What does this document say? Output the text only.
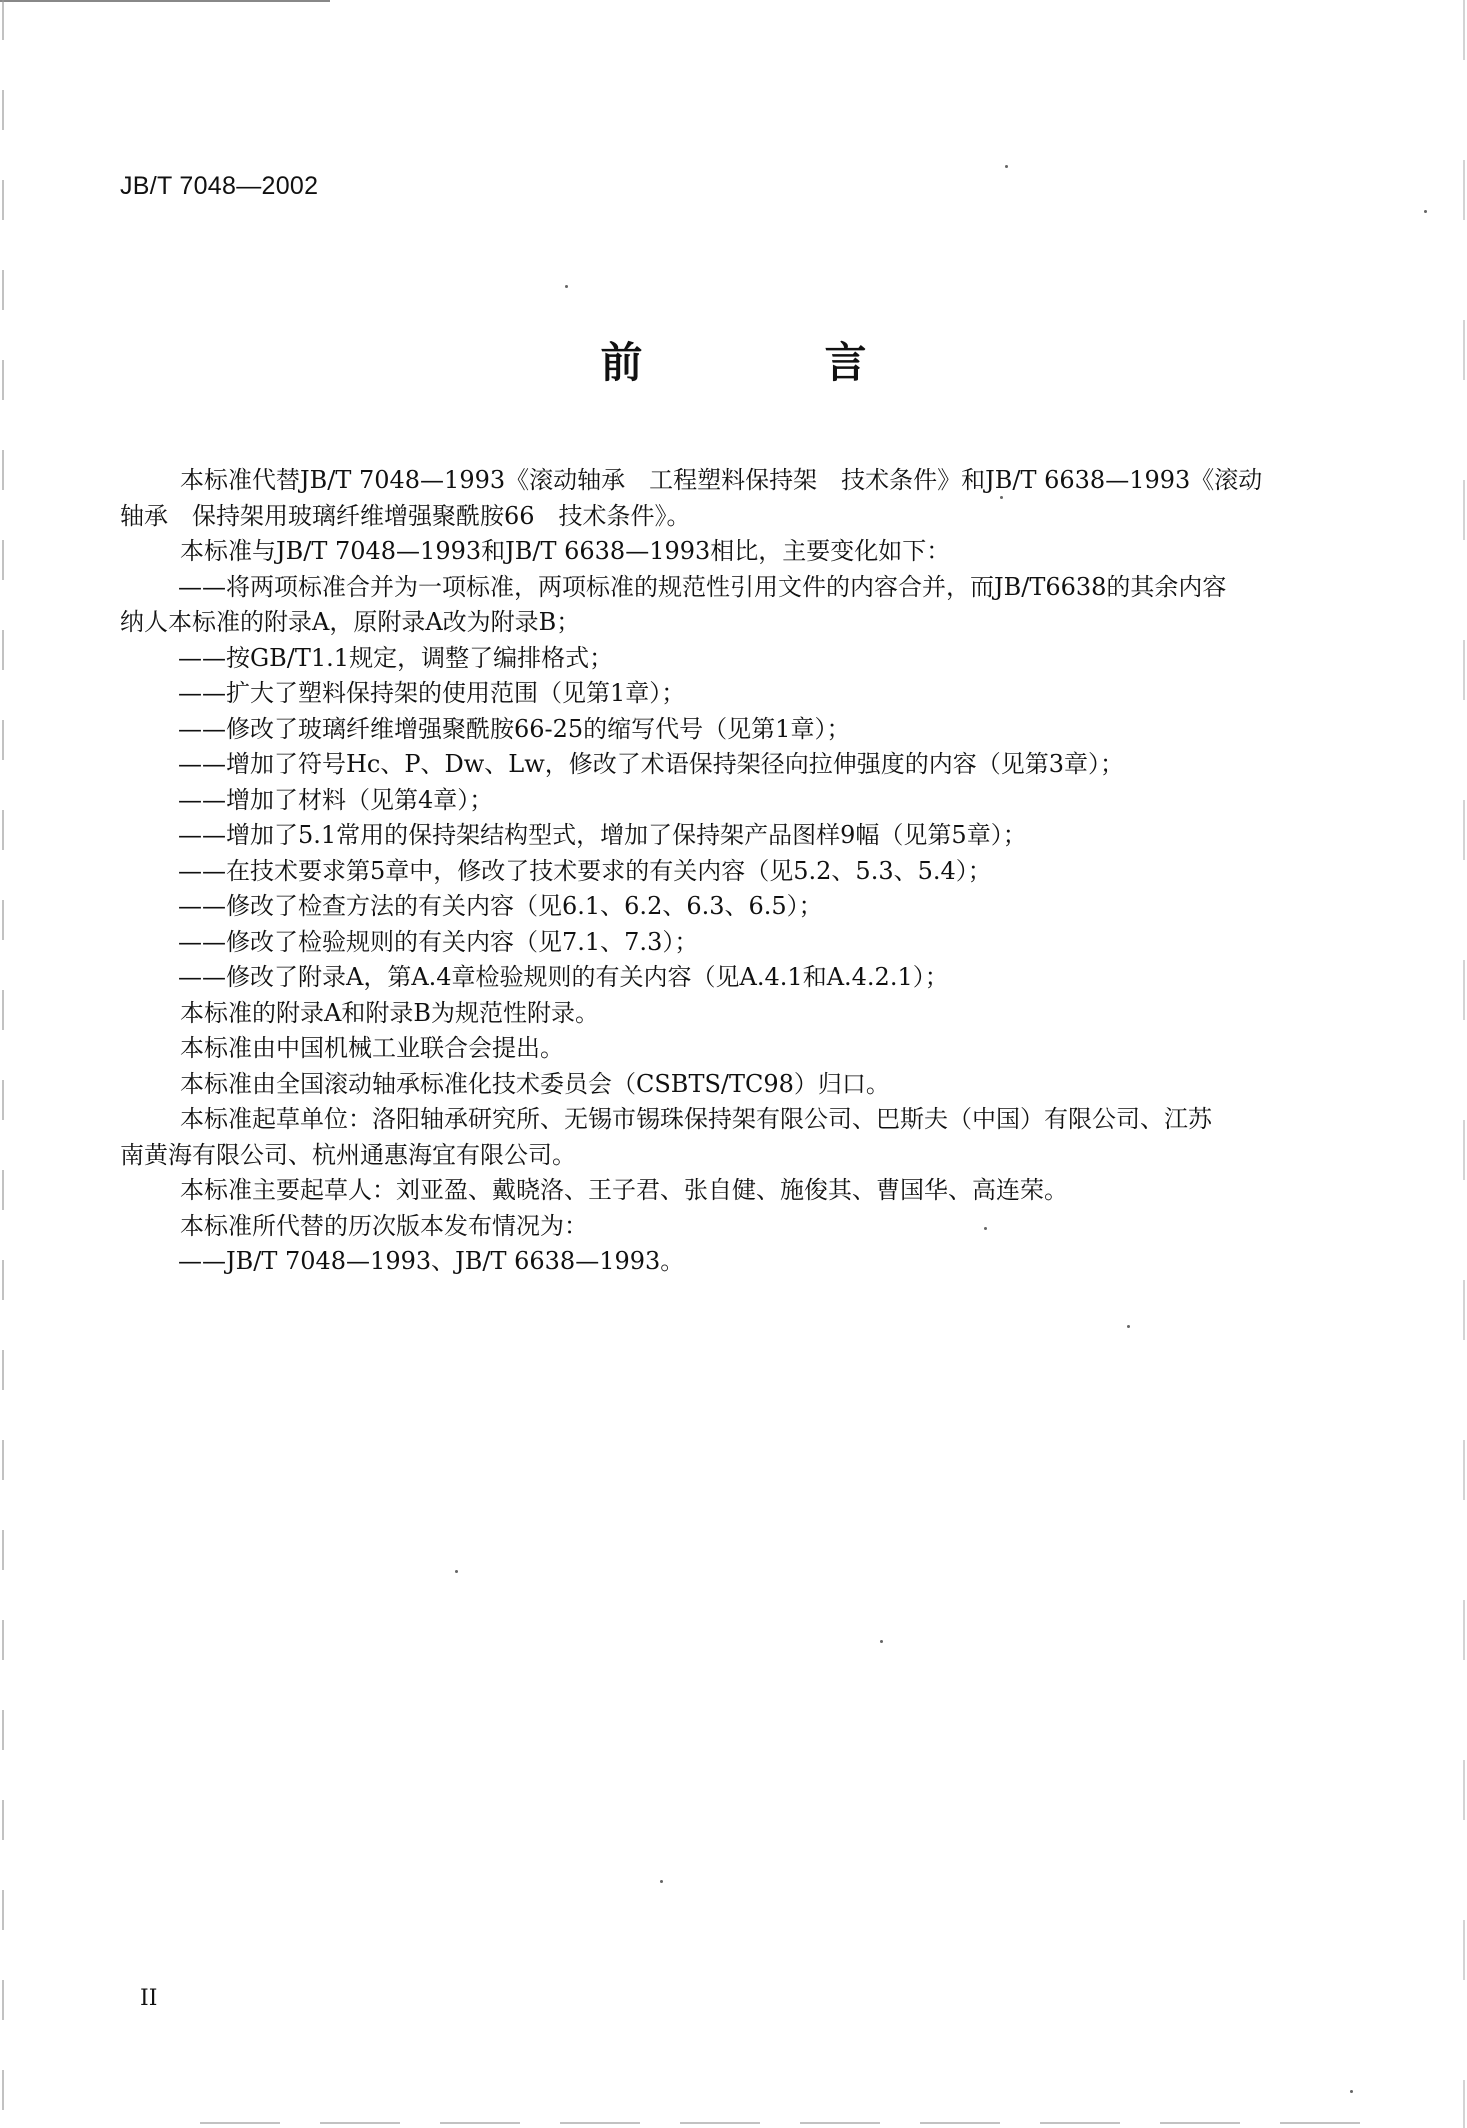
JB/T 7048—2002
前　言

本标准代替JB/T 7048—1993《滚动轴承　工程塑料保持架　技术条件》和JB/T 6638—1993《滚动

轴承　保持架用玻璃纤维增强聚酰胺66　技术条件》。

本标准与JB/T 7048—1993和JB/T 6638—1993相比，主要变化如下：

——将两项标准合并为一项标准，两项标准的规范性引用文件的内容合并，而JB/T6638的其余内容

纳人本标准的附录A，原附录A改为附录B；

——按GB/T1.1规定，调整了编排格式；

——扩大了塑料保持架的使用范围（见第1章）；

——修改了玻璃纤维增强聚酰胺66-25的缩写代号（见第1章）；

——增加了符号Hc、P、Dw、Lw，修改了术语保持架径向拉伸强度的内容（见第3章）；

——增加了材料（见第4章）；

——增加了5.1常用的保持架结构型式，增加了保持架产品图样9幅（见第5章）；

——在技术要求第5章中，修改了技术要求的有关内容（见5.2、5.3、5.4）；

——修改了检查方法的有关内容（见6.1、6.2、6.3、6.5）；

——修改了检验规则的有关内容（见7.1、7.3）；

——修改了附录A，第A.4章检验规则的有关内容（见A.4.1和A.4.2.1）；

本标准的附录A和附录B为规范性附录。

本标准由中国机械工业联合会提出。

本标准由全国滚动轴承标准化技术委员会（CSBTS/TC98）归口。

本标准起草单位：洛阳轴承研究所、无锡市锡珠保持架有限公司、巴斯夫（中国）有限公司、江苏

南黄海有限公司、杭州通惠海宜有限公司。

本标准主要起草人：刘亚盈、戴晓洛、王子君、张自健、施俊其、曹国华、高连荣。

本标准所代替的历次版本发布情况为：

——JB/T 7048—1993、JB/T 6638—1993。

II
